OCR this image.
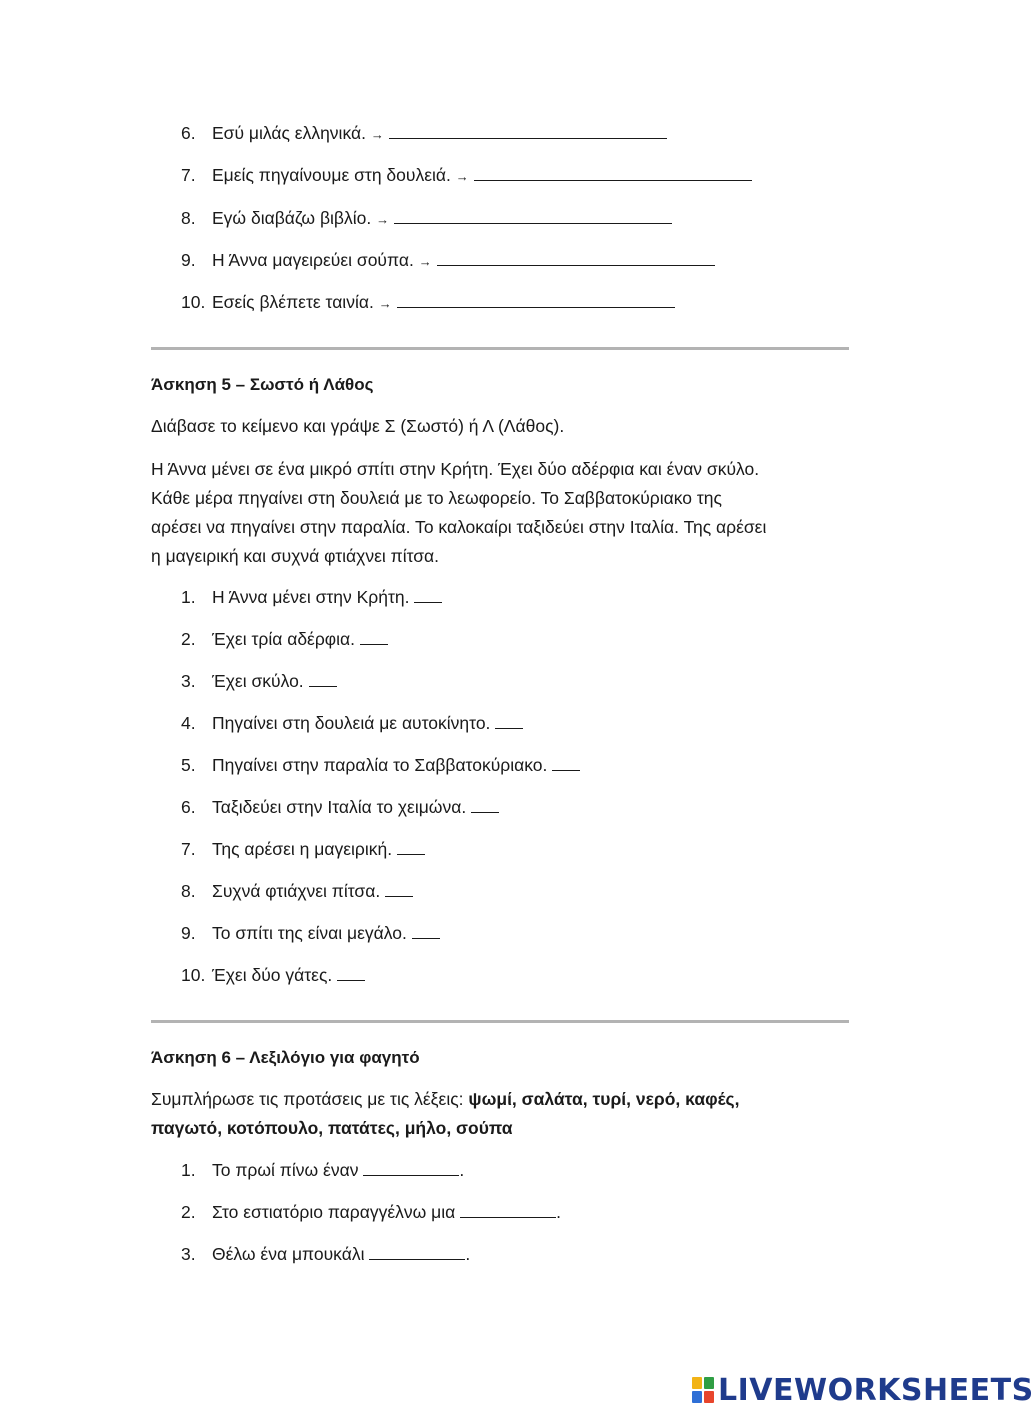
6. Εσύ μιλάς ελληνικά. →
7. Εμείς πηγαίνουμε στη δουλειά. →
8. Εγώ διαβάζω βιβλίο. →
9. Η Άννα μαγειρεύει σούπα. →
10. Εσείς βλέπετε ταινία. →
Άσκηση 5 – Σωστό ή Λάθος
Διάβασε το κείμενο και γράψε Σ (Σωστό) ή Λ (Λάθος).
Η Άννα μένει σε ένα μικρό σπίτι στην Κρήτη. Έχει δύο αδέρφια και έναν σκύλο.
Κάθε μέρα πηγαίνει στη δουλειά με το λεωφορείο. Το Σαββατοκύριακο της
αρέσει να πηγαίνει στην παραλία. Το καλοκαίρι ταξιδεύει στην Ιταλία. Της αρέσει
η μαγειρική και συχνά φτιάχνει πίτσα.
1. Η Άννα μένει στην Κρήτη.
2. Έχει τρία αδέρφια.
3. Έχει σκύλο.
4. Πηγαίνει στη δουλειά με αυτοκίνητο.
5. Πηγαίνει στην παραλία το Σαββατοκύριακο.
6. Ταξιδεύει στην Ιταλία το χειμώνα.
7. Της αρέσει η μαγειρική.
8. Συχνά φτιάχνει πίτσα.
9. Το σπίτι της είναι μεγάλο.
10. Έχει δύο γάτες.
Άσκηση 6 – Λεξιλόγιο για φαγητό
Συμπλήρωσε τις προτάσεις με τις λέξεις: ψωμί, σαλάτα, τυρί, νερό, καφές,
παγωτό, κοτόπουλο, πατάτες, μήλο, σούπα
1. Το πρωί πίνω έναν	.
2. Στο εστιατόριο παραγγέλνω μια	.
3. Θέλω ένα μπουκάλι	.
LIVEWORKSHEETS
